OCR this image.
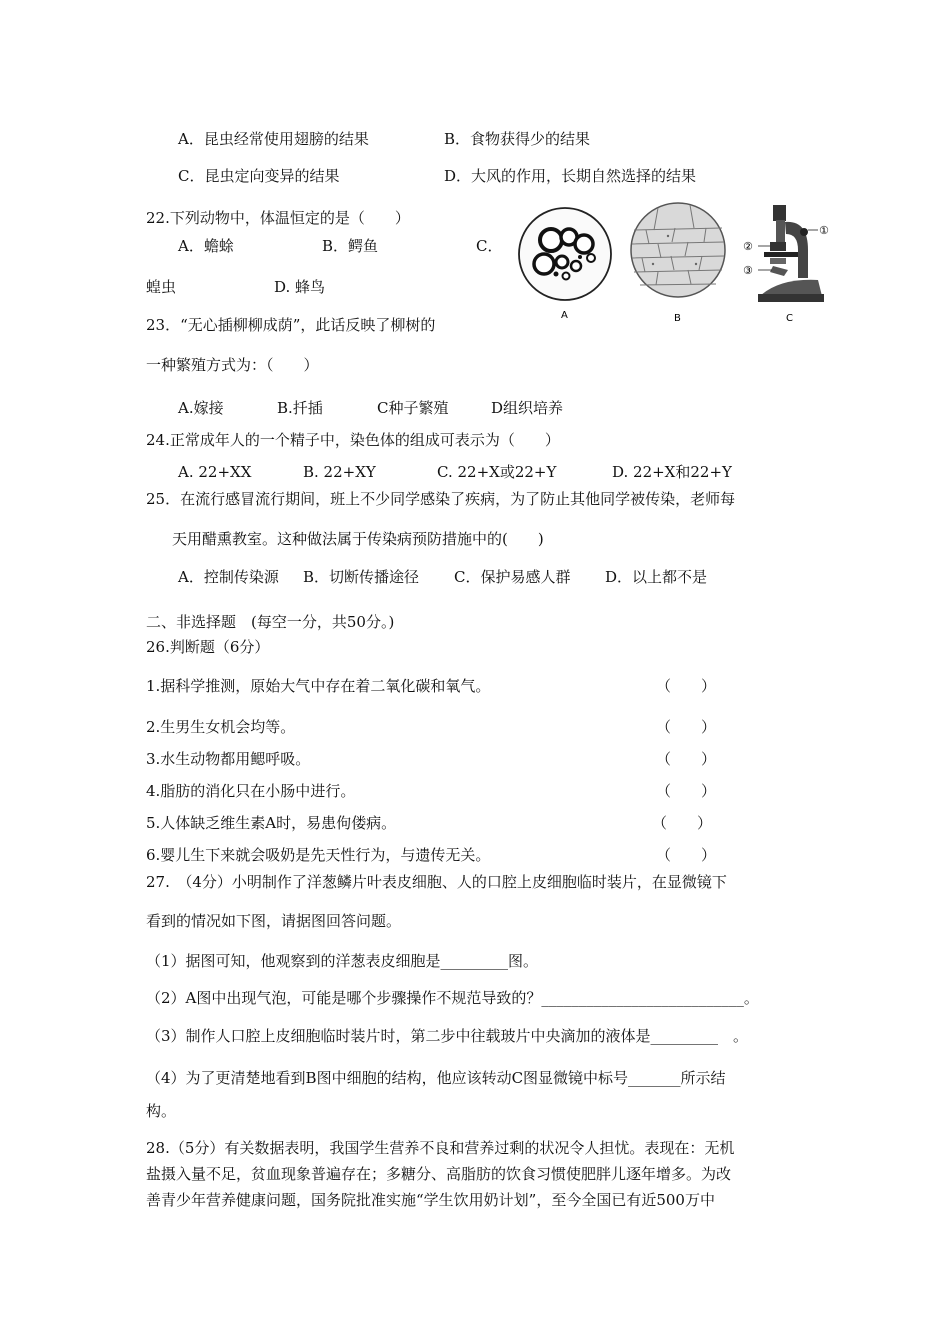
A．昆虫经常使用翅膀的结果	B．食物获得少的结果
C．昆虫定向变异的结果	D．大风的作用，长期自然选择的结果
22.下列动物中，体温恒定的是（　　）
A．蟾蜍	B．鳄鱼	C．
蝗虫	D. 蜂鸟
①
②
③
A	B	C
23．“无心插柳柳成荫”，此话反映了柳树的
一种繁殖方式为：（　　）
A.嫁接	B.扦插	C种子繁殖	D组织培养
24.正常成年人的一个精子中，染色体的组成可表示为（　　）
A. 22+XX	B. 22+XY	C. 22+X或22+Y	D. 22+X和22+Y
25．在流行感冒流行期间，班上不少同学感染了疾病，为了防止其他同学被传染，老师每
天用醋熏教室。这种做法属于传染病预防措施中的(　　)
A．控制传染源 B．切断传播途径 C．保护易感人群 D．以上都不是
二、非选择题　(每空一分，共50分。)
26.判断题（6分）
1.据科学推测，原始大气中存在着二氧化碳和氧气。	（　　）
2.生男生女机会均等。	（　　）
3.水生动物都用鳃呼吸。	（　　）
4.脂肪的消化只在小肠中进行。	（　　）
5.人体缺乏维生素A时，易患佝偻病。	（　　）
6.婴儿生下来就会吸奶是先天性行为，与遗传无关。	（　　）
27.　（4分）小明制作了洋葱鳞片叶表皮细胞、人的口腔上皮细胞临时装片，在显微镜下
看到的情况如下图，请据图回答问题。
（1）据图可知，他观察到的洋葱表皮细胞是_________图。
（2）A图中出现气泡，可能是哪个步骤操作不规范导致的？___________________________。
（3）制作人口腔上皮细胞临时装片时，第二步中往载玻片中央滴加的液体是_________　。
（4）为了更清楚地看到B图中细胞的结构，他应该转动C图显微镜中标号_______所示结
构。
28.（5分）有关数据表明，我国学生营养不良和营养过剩的状况令人担忧。表现在：无机
盐摄入量不足，贫血现象普遍存在；多糖分、高脂肪的饮食习惯使肥胖儿逐年增多。为改
善青少年营养健康问题，国务院批准实施“学生饮用奶计划”，至今全国已有近500万中
